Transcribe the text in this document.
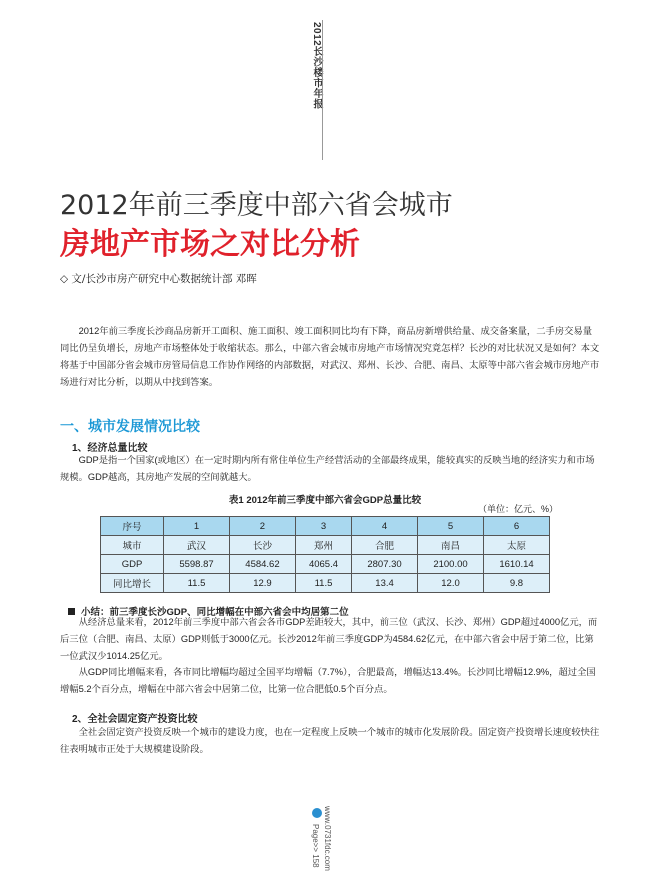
2012长沙楼市年报
2012年前三季度中部六省会城市
房地产市场之对比分析
◇ 文/长沙市房产研究中心数据统计部 邓晖

2012年前三季度长沙商品房新开工面积、施工面积、竣工面积同比均有下降，商品房新增供给量、成交备案量，二手房交易量同比仍呈负增长，房地产市场整体处于收缩状态。那么，中部六省会城市房地产市场情况究竟怎样？长沙的对比状况又是如何？本文将基于中国部分省会城市房管局信息工作协作网络的内部数据，对武汉、郑州、长沙、合肥、南昌、太原等中部六省会城市房地产市场进行对比分析，以期从中找到答案。

一、城市发展情况比较
1、经济总量比较

GDP是指一个国家(或地区）在一定时期内所有常住单位生产经营活动的全部最终成果，能较真实的反映当地的经济实力和市场规模。GDP越高，其房地产发展的空间就越大。

表1 2012年前三季度中部六省会GDP总量比较
（单位：亿元、%）
序号	1	2	3	4	5	6
城市	武汉	长沙	郑州	合肥	南昌	太原
GDP	5598.87	4584.62	4065.4	2807.30	2100.00	1610.14
同比增长	11.5	12.9	11.5	13.4	12.0	9.8
小结：前三季度长沙GDP、同比增幅在中部六省会中均居第二位

从经济总量来看，2012年前三季度中部六省会各市GDP差距较大，其中，前三位（武汉、长沙、郑州）GDP超过4000亿元，而后三位（合肥、南昌、太原）GDP则低于3000亿元。长沙2012年前三季度GDP为4584.62亿元，在中部六省会中居于第二位，比第一位武汉少1014.25亿元。

从GDP同比增幅来看，各市同比增幅均超过全国平均增幅（7.7%），合肥最高，增幅达13.4%。长沙同比增幅12.9%，超过全国增幅5.2个百分点，增幅在中部六省会中居第二位，比第一位合肥低0.5个百分点。

2、全社会固定资产投资比较

全社会固定资产投资反映一个城市的建设力度，也在一定程度上反映一个城市的城市化发展阶段。固定资产投资增长速度较快往往表明城市正处于大规模建设阶段。

Page>> 158 www.0731fdc.com
